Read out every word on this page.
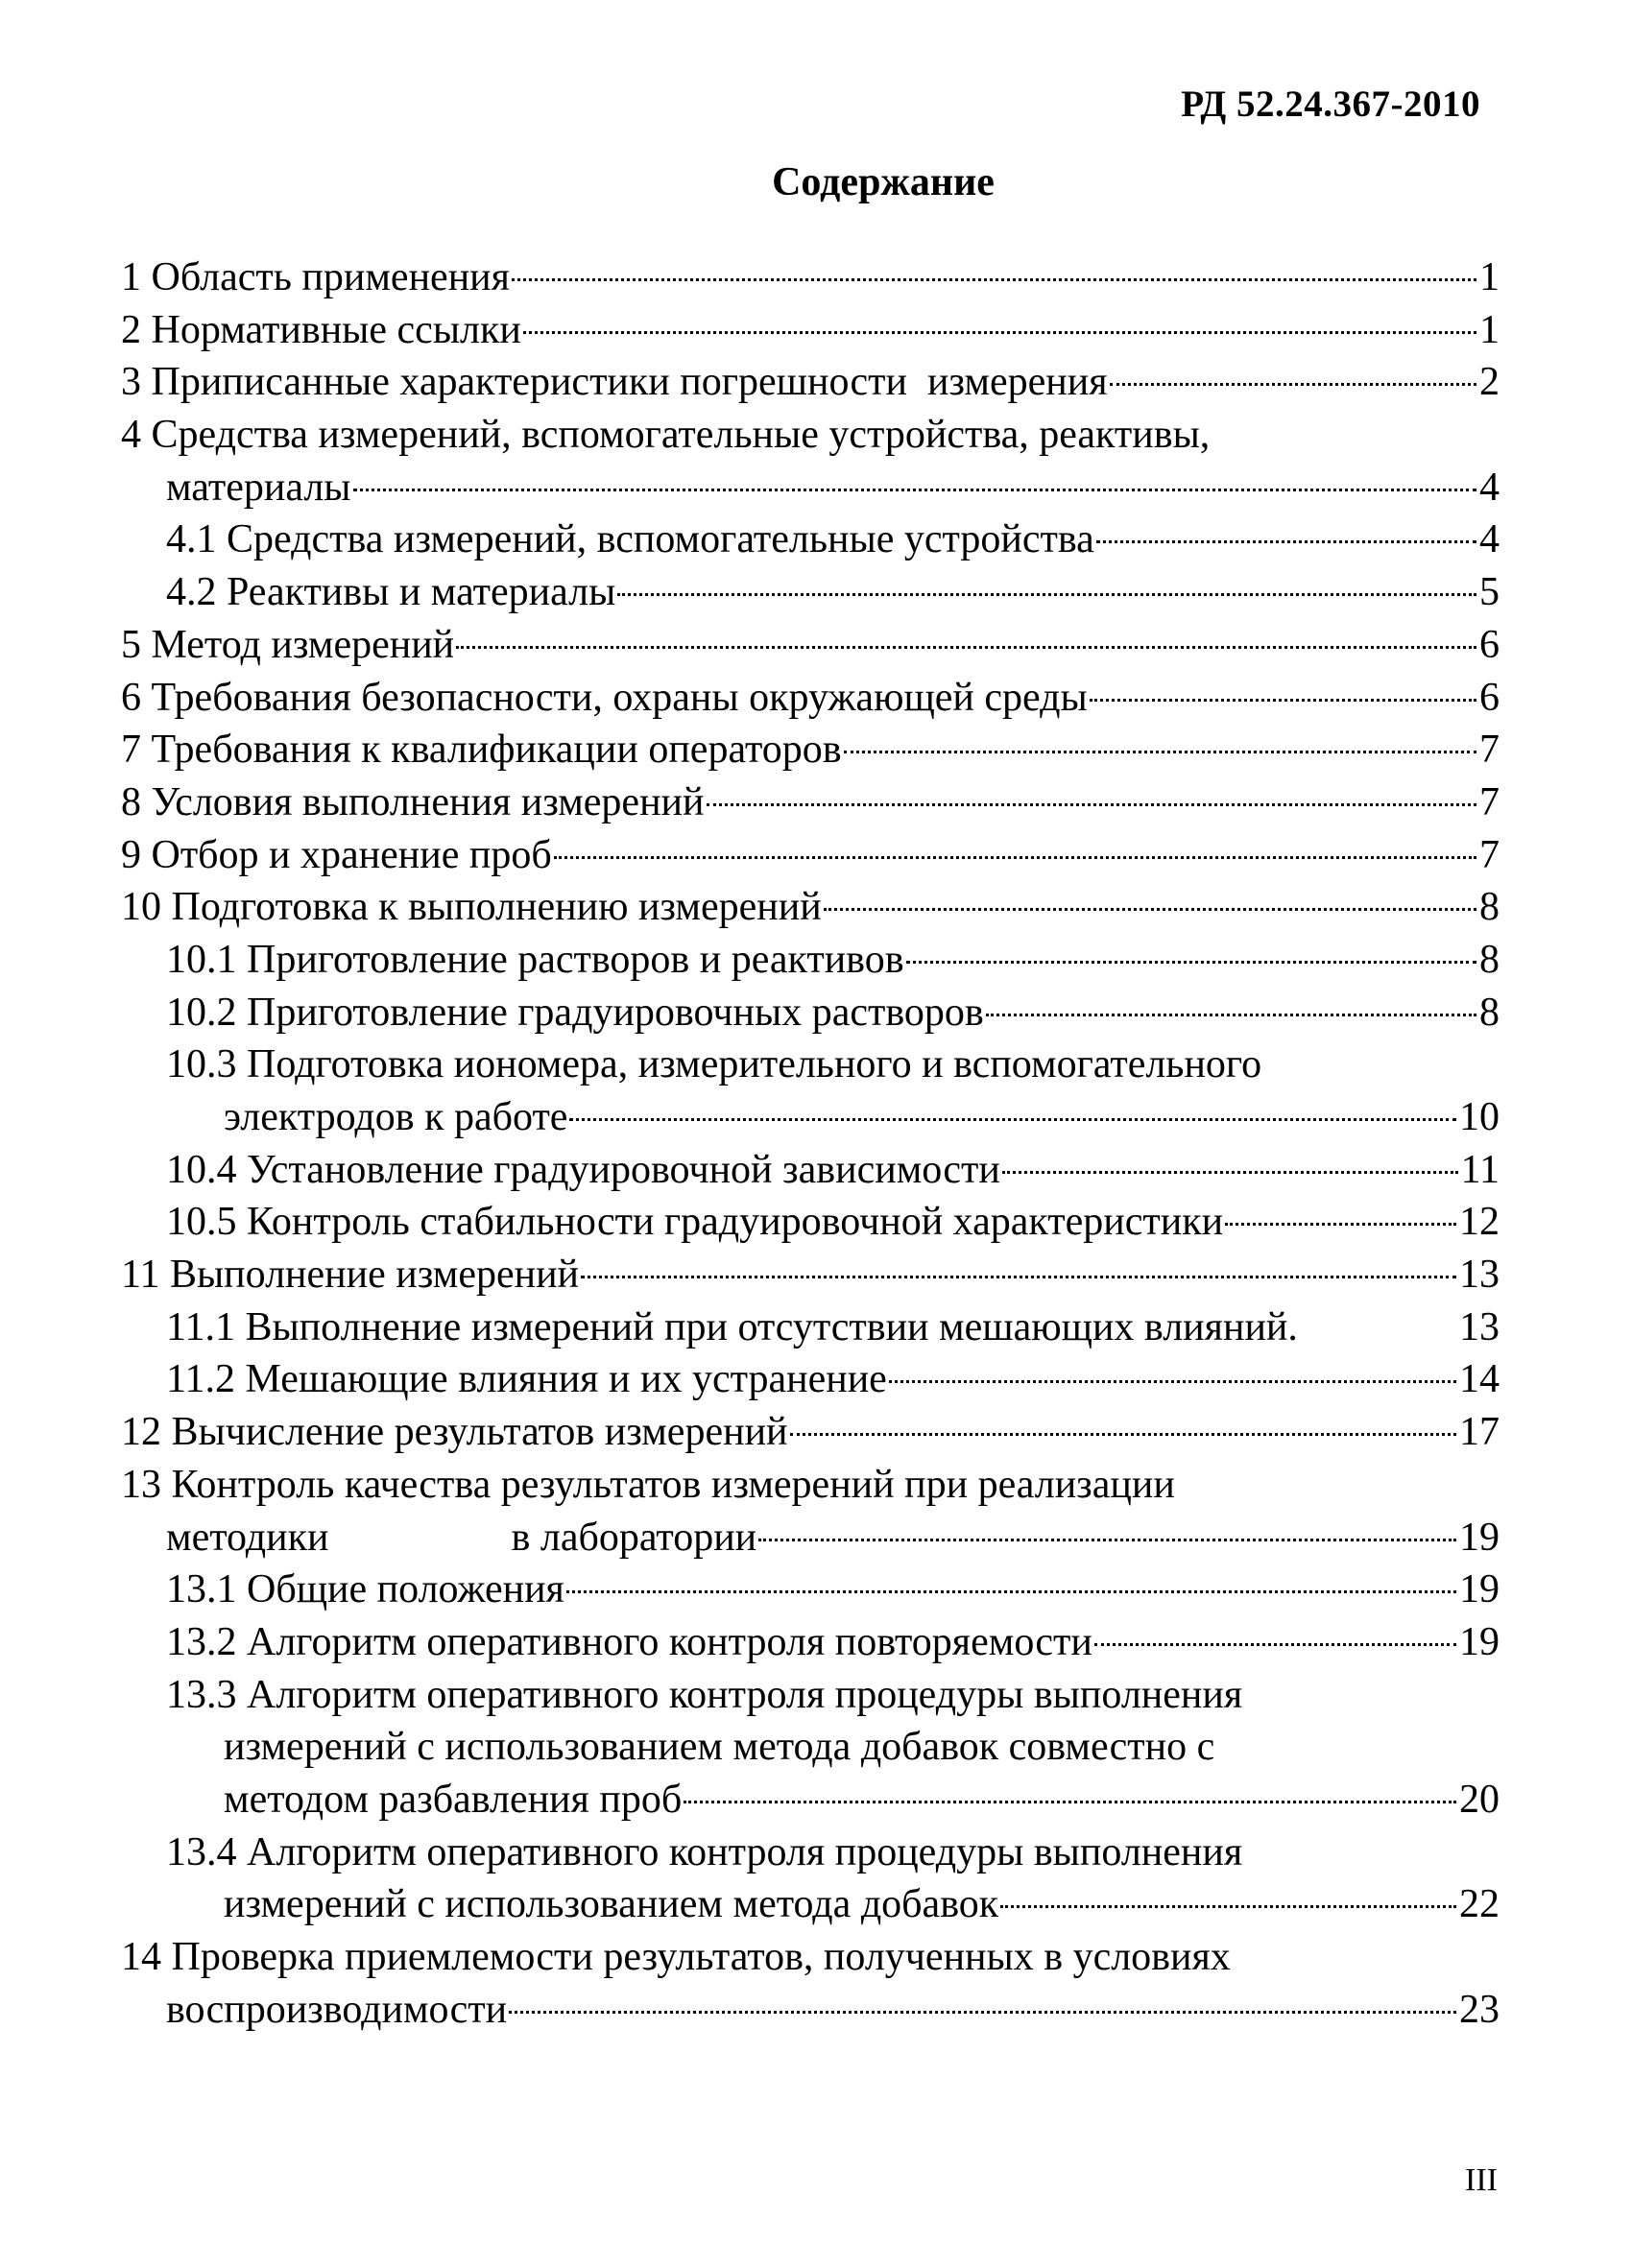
РД 52.24.367-2010
Содержание
1 Область применения	1
2 Нормативные ссылки	1
3 Приписанные характеристики погрешности  измерения	2
4 Средства измерений, вспомогательные устройства, реактивы,
материалы	4
4.1 Средства измерений, вспомогательные устройства	4
4.2 Реактивы и материалы	5
5 Метод измерений	6
6 Требования безопасности, охраны окружающей среды	6
7 Требования к квалификации операторов	7
8 Условия выполнения измерений	7
9 Отбор и хранение проб	7
10 Подготовка к выполнению измерений	8
10.1 Приготовление растворов и реактивов	8
10.2 Приготовление градуировочных растворов	8
10.3 Подготовка иономера, измерительного и вспомогательного
электродов к работе	10
10.4 Установление градуировочной зависимости	11
10.5 Контроль стабильности градуировочной характеристики	12
11 Выполнение измерений	13
11.1 Выполнение измерений при отсутствии мешающих влияний.	13
11.2 Мешающие влияния и их устранение	14
12 Вычисление результатов измерений	17
13 Контроль качества результатов измерений при реализации
методики	в лаборатории	19
13.1 Общие положения	19
13.2 Алгоритм оперативного контроля повторяемости	19
13.3 Алгоритм оперативного контроля процедуры выполнения
измерений с использованием метода добавок совместно с
методом разбавления проб	20
13.4 Алгоритм оперативного контроля процедуры выполнения
измерений с использованием метода добавок	22
14 Проверка приемлемости результатов, полученных в условиях
воспроизводимости	23
III
